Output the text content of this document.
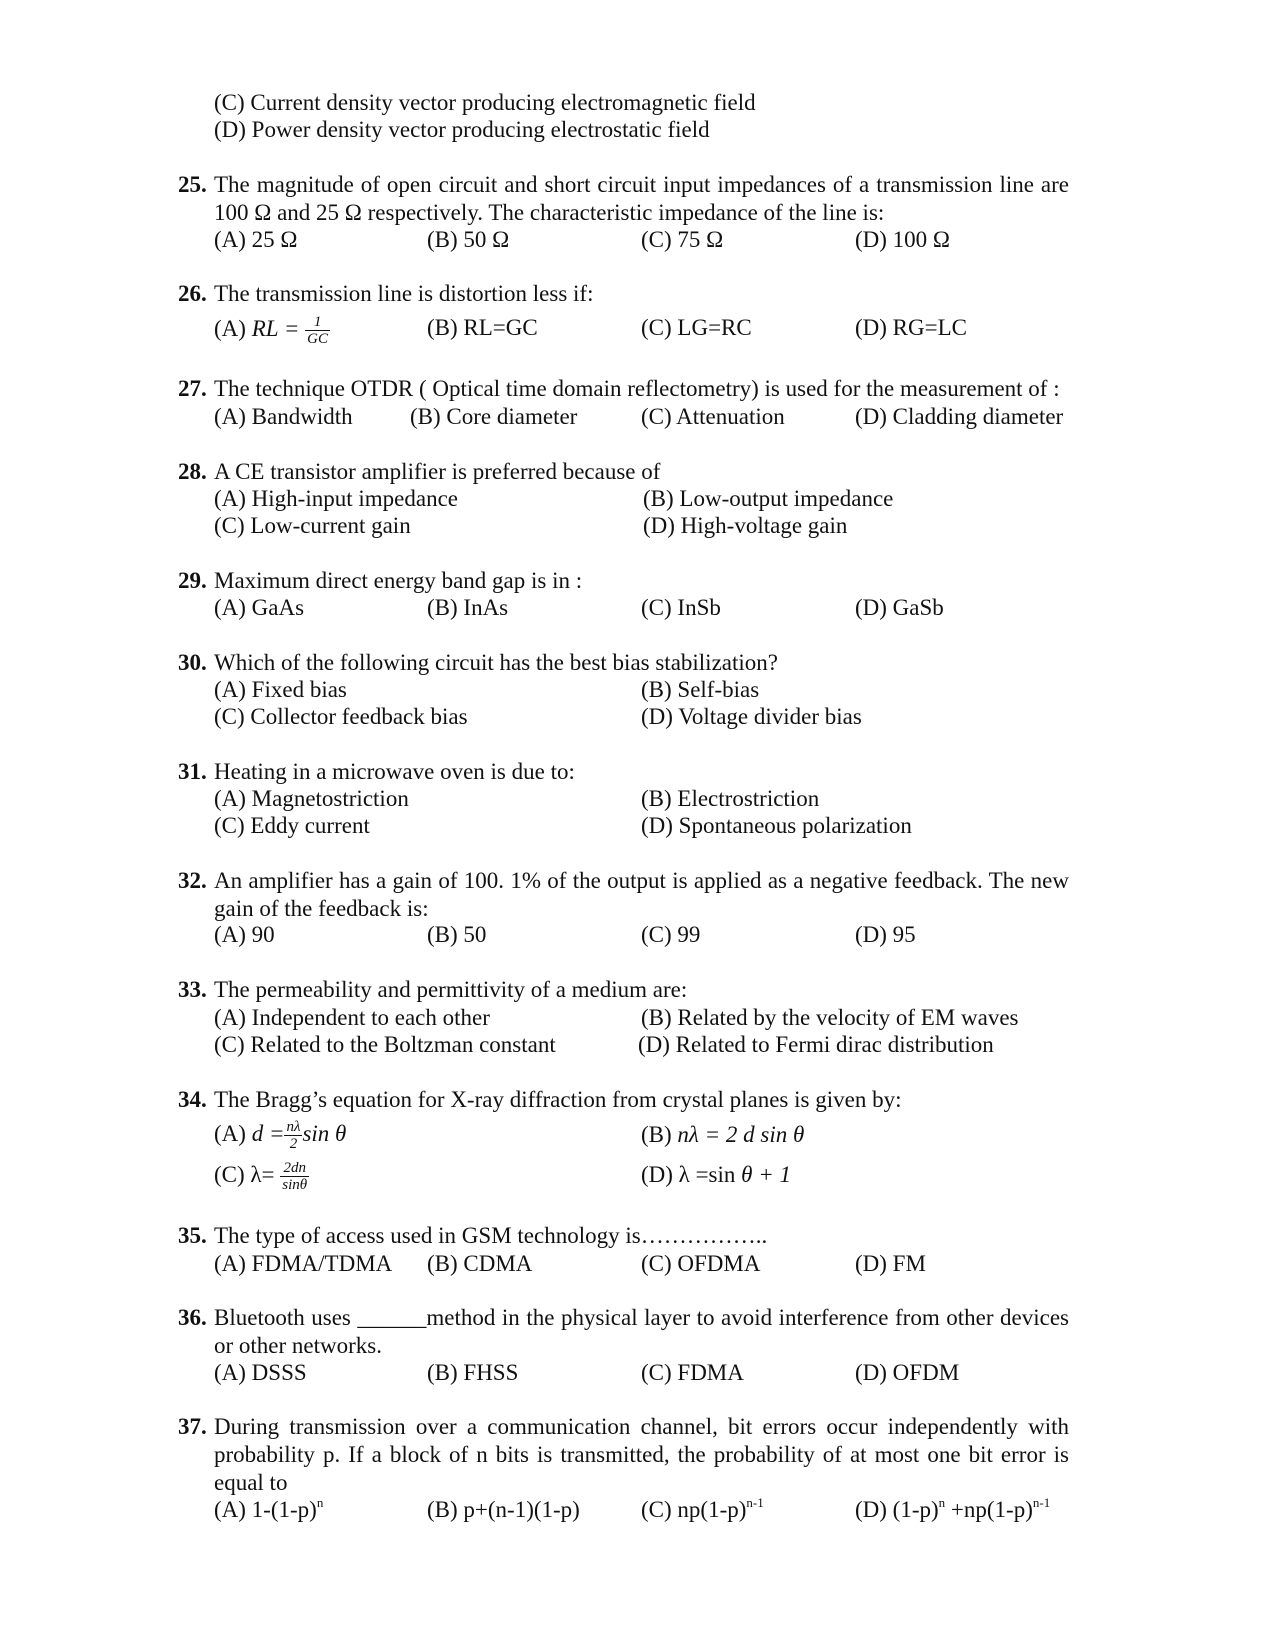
(C) Current density vector producing electromagnetic field
(D) Power density vector producing electrostatic field
25. The magnitude of open circuit and short circuit input impedances of a transmission line are 100 Ω and 25 Ω respectively. The characteristic impedance of the line is:
(A) 25 Ω	(B) 50 Ω	(C) 75 Ω	(D) 100 Ω
26. The transmission line is distortion less if:
(A) RL = $\frac{1}{GC}$	(B) RL=GC	(C) LG=RC	(D) RG=LC
27. The technique OTDR ( Optical time domain reflectometry) is used for the measurement of :
(A) Bandwidth (B) Core diameter	(C) Attenuation	(D) Cladding diameter
28. A CE transistor amplifier is preferred because of
(A) High-input impedance	(B) Low-output impedance
(C) Low-current gain	(D) High-voltage gain
29. Maximum direct energy band gap is in :
(A) GaAs	(B) InAs	(C) InSb	(D) GaSb
30. Which of the following circuit has the best bias stabilization?
(A) Fixed bias	(B) Self-bias
(C) Collector feedback bias	(D) Voltage divider bias
31. Heating in a microwave oven is due to:
(A) Magnetostriction	(B) Electrostriction
(C) Eddy current	(D) Spontaneous polarization
32. An amplifier has a gain of 100. 1% of the output is applied as a negative feedback. The new gain of the feedback is:
(A) 90	(B) 50	(C) 99	(D) 95
33. The permeability and permittivity of a medium are:
(A) Independent to each other	(B) Related by the velocity of EM waves
(C) Related to the Boltzman constant	(D) Related to Fermi dirac distribution
34. The Bragg’s equation for X-ray diffraction from crystal planes is given by:
(A) $d = \frac{n\lambda}{2}$ sin θ	(B) nλ = 2 d sin θ
(C) $\lambda= \frac{2dn}{\sin\theta}$	(D) λ =sin θ + 1
35. The type of access used in GSM technology is……………..
(A) FDMA/TDMA (B) CDMA	(C) OFDMA	(D) FM
36. Bluetooth uses ______method in the physical layer to avoid interference from other devices or other networks.
(A) DSSS	(B) FHSS	(C) FDMA	(D) OFDM
37. During transmission over a communication channel, bit errors occur independently with probability p. If a block of n bits is transmitted, the probability of at most one bit error is equal to
(A) $1-(1-p)^n$	(B) p+(n-1)(1-p)	(C) $np(1-p)^{n-1}$	(D) $(1-p)^n +np(1-p)^{n-1}$
